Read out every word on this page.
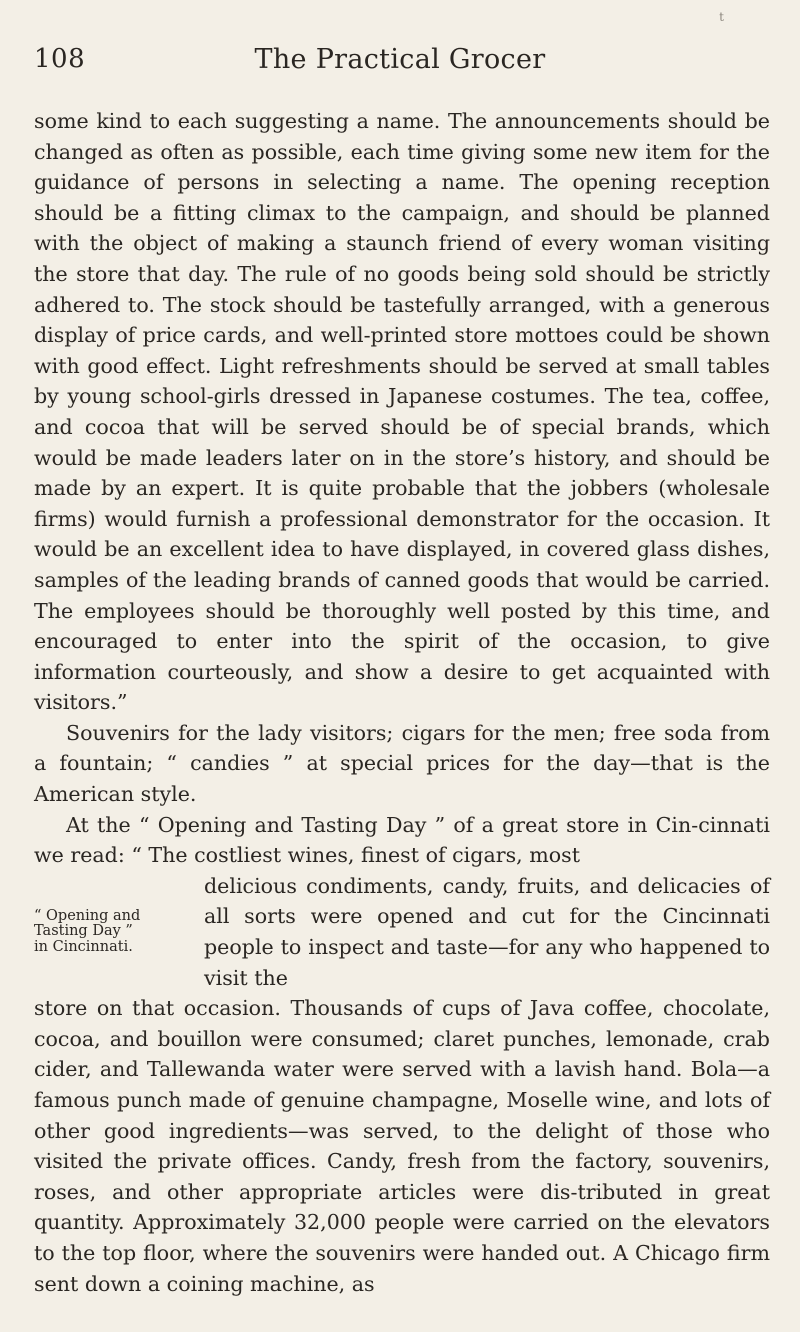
t
108	The Practical Grocer

some kind to each suggesting a name. The announcements should be changed as often as possible, each time giving some new item for the guidance of persons in selecting a name. The opening reception should be a fitting climax to the campaign, and should be planned with the object of making a staunch friend of every woman visiting the store that day. The rule of no goods being sold should be strictly adhered to. The stock should be tastefully arranged, with a generous display of price cards, and well-printed store mottoes could be shown with good effect. Light refreshments should be served at small tables by young school-girls dressed in Japanese costumes. The tea, coffee, and cocoa that will be served should be of special brands, which would be made leaders later on in the store’s history, and should be made by an expert. It is quite probable that the jobbers (wholesale firms) would furnish a professional demonstrator for the occasion. It would be an excellent idea to have displayed, in covered glass dishes, samples of the leading brands of canned goods that would be carried. The employees should be thoroughly well posted by this time, and encouraged to enter into the spirit of the occasion, to give information courteously, and show a desire to get acquainted with visitors.”

Souvenirs for the lady visitors; cigars for the men; free soda from a fountain; “ candies ” at special prices for the day—that is the American style.

At the “ Opening and Tasting Day ” of a great store in Cin-cinnati we read: “ The costliest wines, finest of cigars, most

“ Opening and
Tasting Day ”
in Cincinnati.

delicious condiments, candy, fruits, and delicacies of all sorts were opened and cut for the Cincinnati people to inspect and taste—for any who happened to visit the

store on that occasion. Thousands of cups of Java coffee, chocolate, cocoa, and bouillon were consumed; claret punches, lemonade, crab cider, and Tallewanda water were served with a lavish hand. Bola—a famous punch made of genuine champagne, Moselle wine, and lots of other good ingredients—was served, to the delight of those who visited the private offices. Candy, fresh from the factory, souvenirs, roses, and other appropriate articles were dis-tributed in great quantity. Approximately 32,000 people were carried on the elevators to the top floor, where the souvenirs were handed out. A Chicago firm sent down a coining machine, as
